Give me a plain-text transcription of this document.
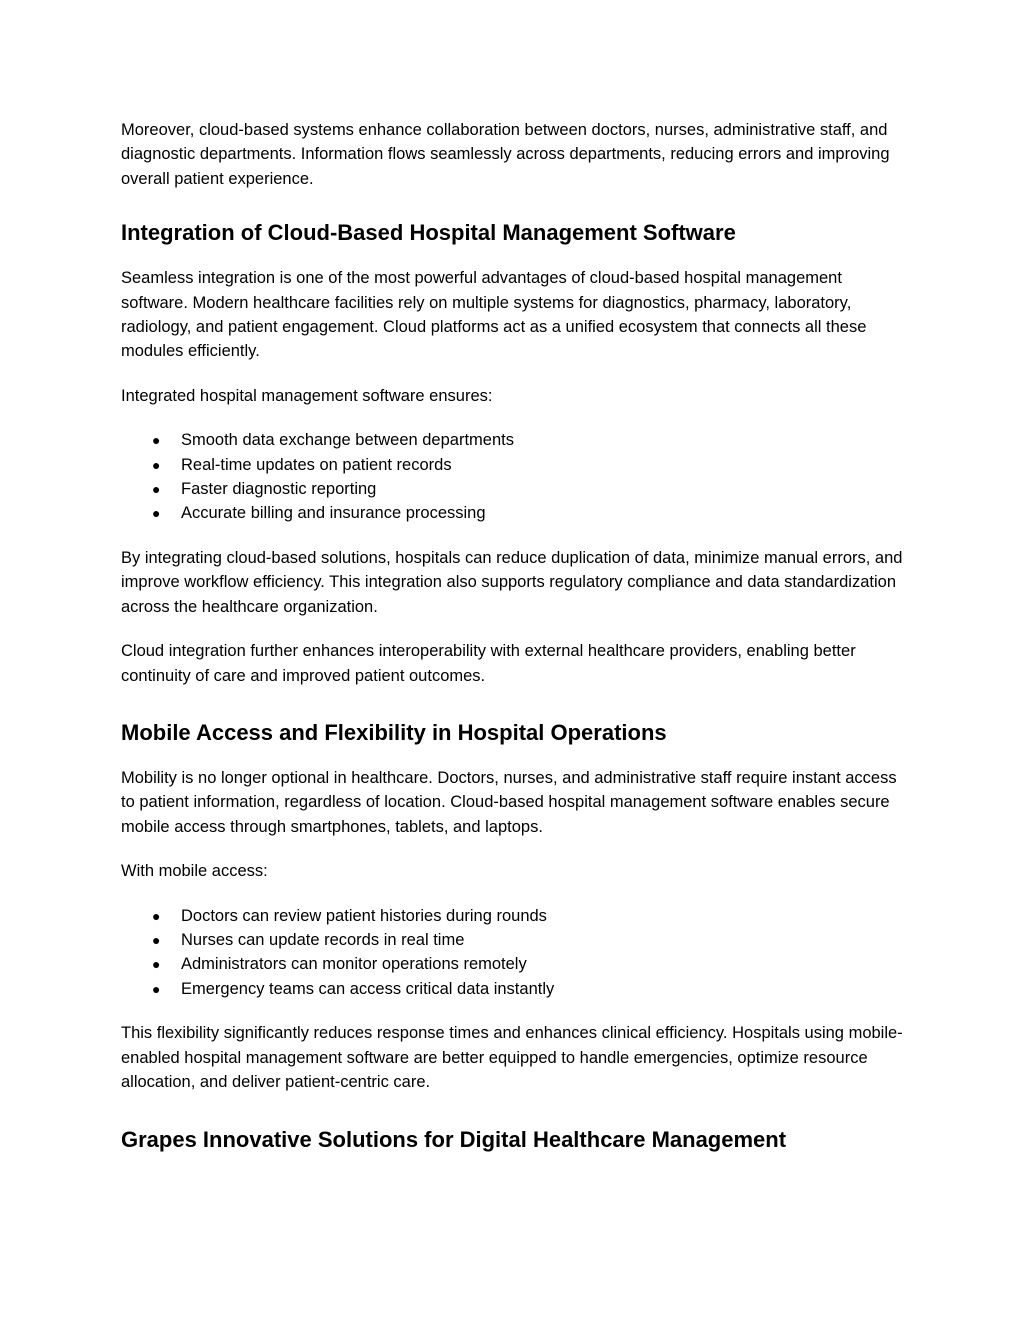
Moreover, cloud-based systems enhance collaboration between doctors, nurses, administrative staff, and diagnostic departments. Information flows seamlessly across departments, reducing errors and improving overall patient experience.

Integration of Cloud-Based Hospital Management Software

Seamless integration is one of the most powerful advantages of cloud-based hospital management software. Modern healthcare facilities rely on multiple systems for diagnostics, pharmacy, laboratory, radiology, and patient engagement. Cloud platforms act as a unified ecosystem that connects all these modules efficiently.

Integrated hospital management software ensures:

● Smooth data exchange between departments
● Real-time updates on patient records
● Faster diagnostic reporting
● Accurate billing and insurance processing

By integrating cloud-based solutions, hospitals can reduce duplication of data, minimize manual errors, and improve workflow efficiency. This integration also supports regulatory compliance and data standardization across the healthcare organization.

Cloud integration further enhances interoperability with external healthcare providers, enabling better continuity of care and improved patient outcomes.

Mobile Access and Flexibility in Hospital Operations

Mobility is no longer optional in healthcare. Doctors, nurses, and administrative staff require instant access to patient information, regardless of location. Cloud-based hospital management software enables secure mobile access through smartphones, tablets, and laptops.

With mobile access:

● Doctors can review patient histories during rounds
● Nurses can update records in real time
● Administrators can monitor operations remotely
● Emergency teams can access critical data instantly

This flexibility significantly reduces response times and enhances clinical efficiency. Hospitals using mobile-enabled hospital management software are better equipped to handle emergencies, optimize resource allocation, and deliver patient-centric care.

Grapes Innovative Solutions for Digital Healthcare Management
